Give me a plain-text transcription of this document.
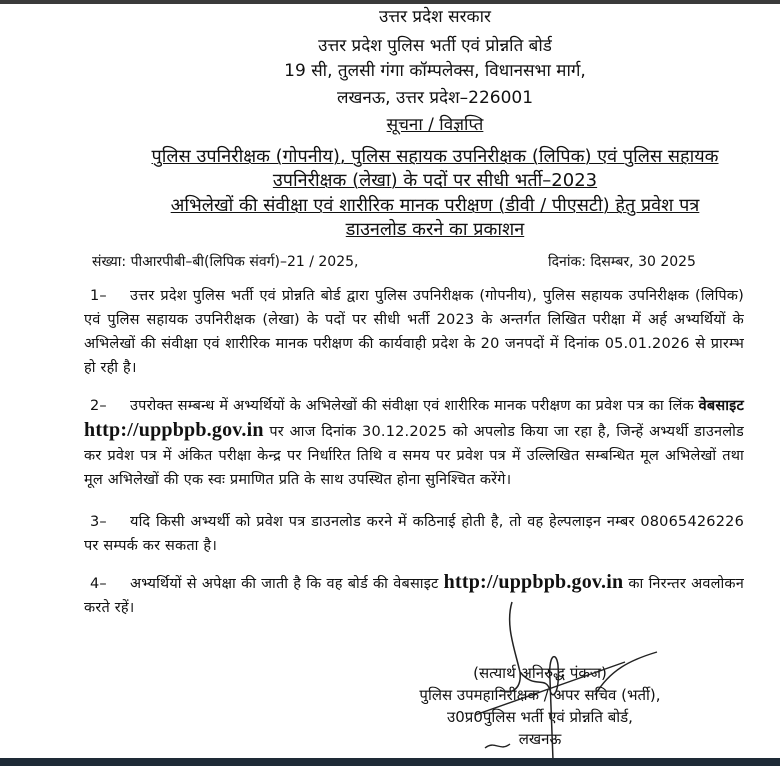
उत्तर प्रदेश सरकार
उत्तर प्रदेश पुलिस भर्ती एवं प्रोन्नति बोर्ड
19 सी, तुलसी गंगा कॉम्पलेक्स, विधानसभा मार्ग,
लखनऊ, उत्तर प्रदेश–226001
सूचना / विज्ञप्ति
पुलिस उपनिरीक्षक (गोपनीय), पुलिस सहायक उपनिरीक्षक (लिपिक) एवं पुलिस सहायक
उपनिरीक्षक (लेखा) के पदों पर सीधी भर्ती–2023
अभिलेखों की संवीक्षा एवं शारीरिक मानक परीक्षण (डीवी / पीएसटी) हेतु प्रवेश पत्र
डाउनलोड करने का प्रकाशन
संख्या: पीआरपीबी–बी(लिपिक संवर्ग)–21 / 2025,	दिनांक: दिसम्बर, 30 2025
1– उत्तर प्रदेश पुलिस भर्ती एवं प्रोन्नति बोर्ड द्वारा पुलिस उपनिरीक्षक (गोपनीय), पुलिस सहायक उपनिरीक्षक (लिपिक) एवं पुलिस सहायक उपनिरीक्षक (लेखा) के पदों पर सीधी भर्ती 2023 के अन्तर्गत लिखित परीक्षा में अर्ह अभ्यर्थियों के अभिलेखों की संवीक्षा एवं शारीरिक मानक परीक्षण की कार्यवाही प्रदेश के 20 जनपदों में दिनांक 05.01.2026 से प्रारम्भ हो रही है।
2– उपरोक्त सम्बन्ध में अभ्यर्थियों के अभिलेखों की संवीक्षा एवं शारीरिक मानक परीक्षण का प्रवेश पत्र का लिंक वेबसाइट http://uppbpb.gov.in पर आज दिनांक 30.12.2025 को अपलोड किया जा रहा है, जिन्हें अभ्यर्थी डाउनलोड कर प्रवेश पत्र में अंकित परीक्षा केन्द्र पर निर्धारित तिथि व समय पर प्रवेश पत्र में उल्लिखित सम्बन्धित मूल अभिलेखों तथा मूल अभिलेखों की एक स्वः प्रमाणित प्रति के साथ उपस्थित होना सुनिश्चित करेंगे।
3– यदि किसी अभ्यर्थी को प्रवेश पत्र डाउनलोड करने में कठिनाई होती है, तो वह हेल्पलाइन नम्बर 08065426226 पर सम्पर्क कर सकता है।
4– अभ्यर्थियों से अपेक्षा की जाती है कि वह बोर्ड की वेबसाइट http://uppbpb.gov.in का निरन्तर अवलोकन करते रहें।
(सत्यार्थ अनिरुद्ध पंकज)
पुलिस उपमहानिरीक्षक / अपर सचिव (भर्ती),
उ0प्र0पुलिस भर्ती एवं प्रोन्नति बोर्ड,
लखनऊ
